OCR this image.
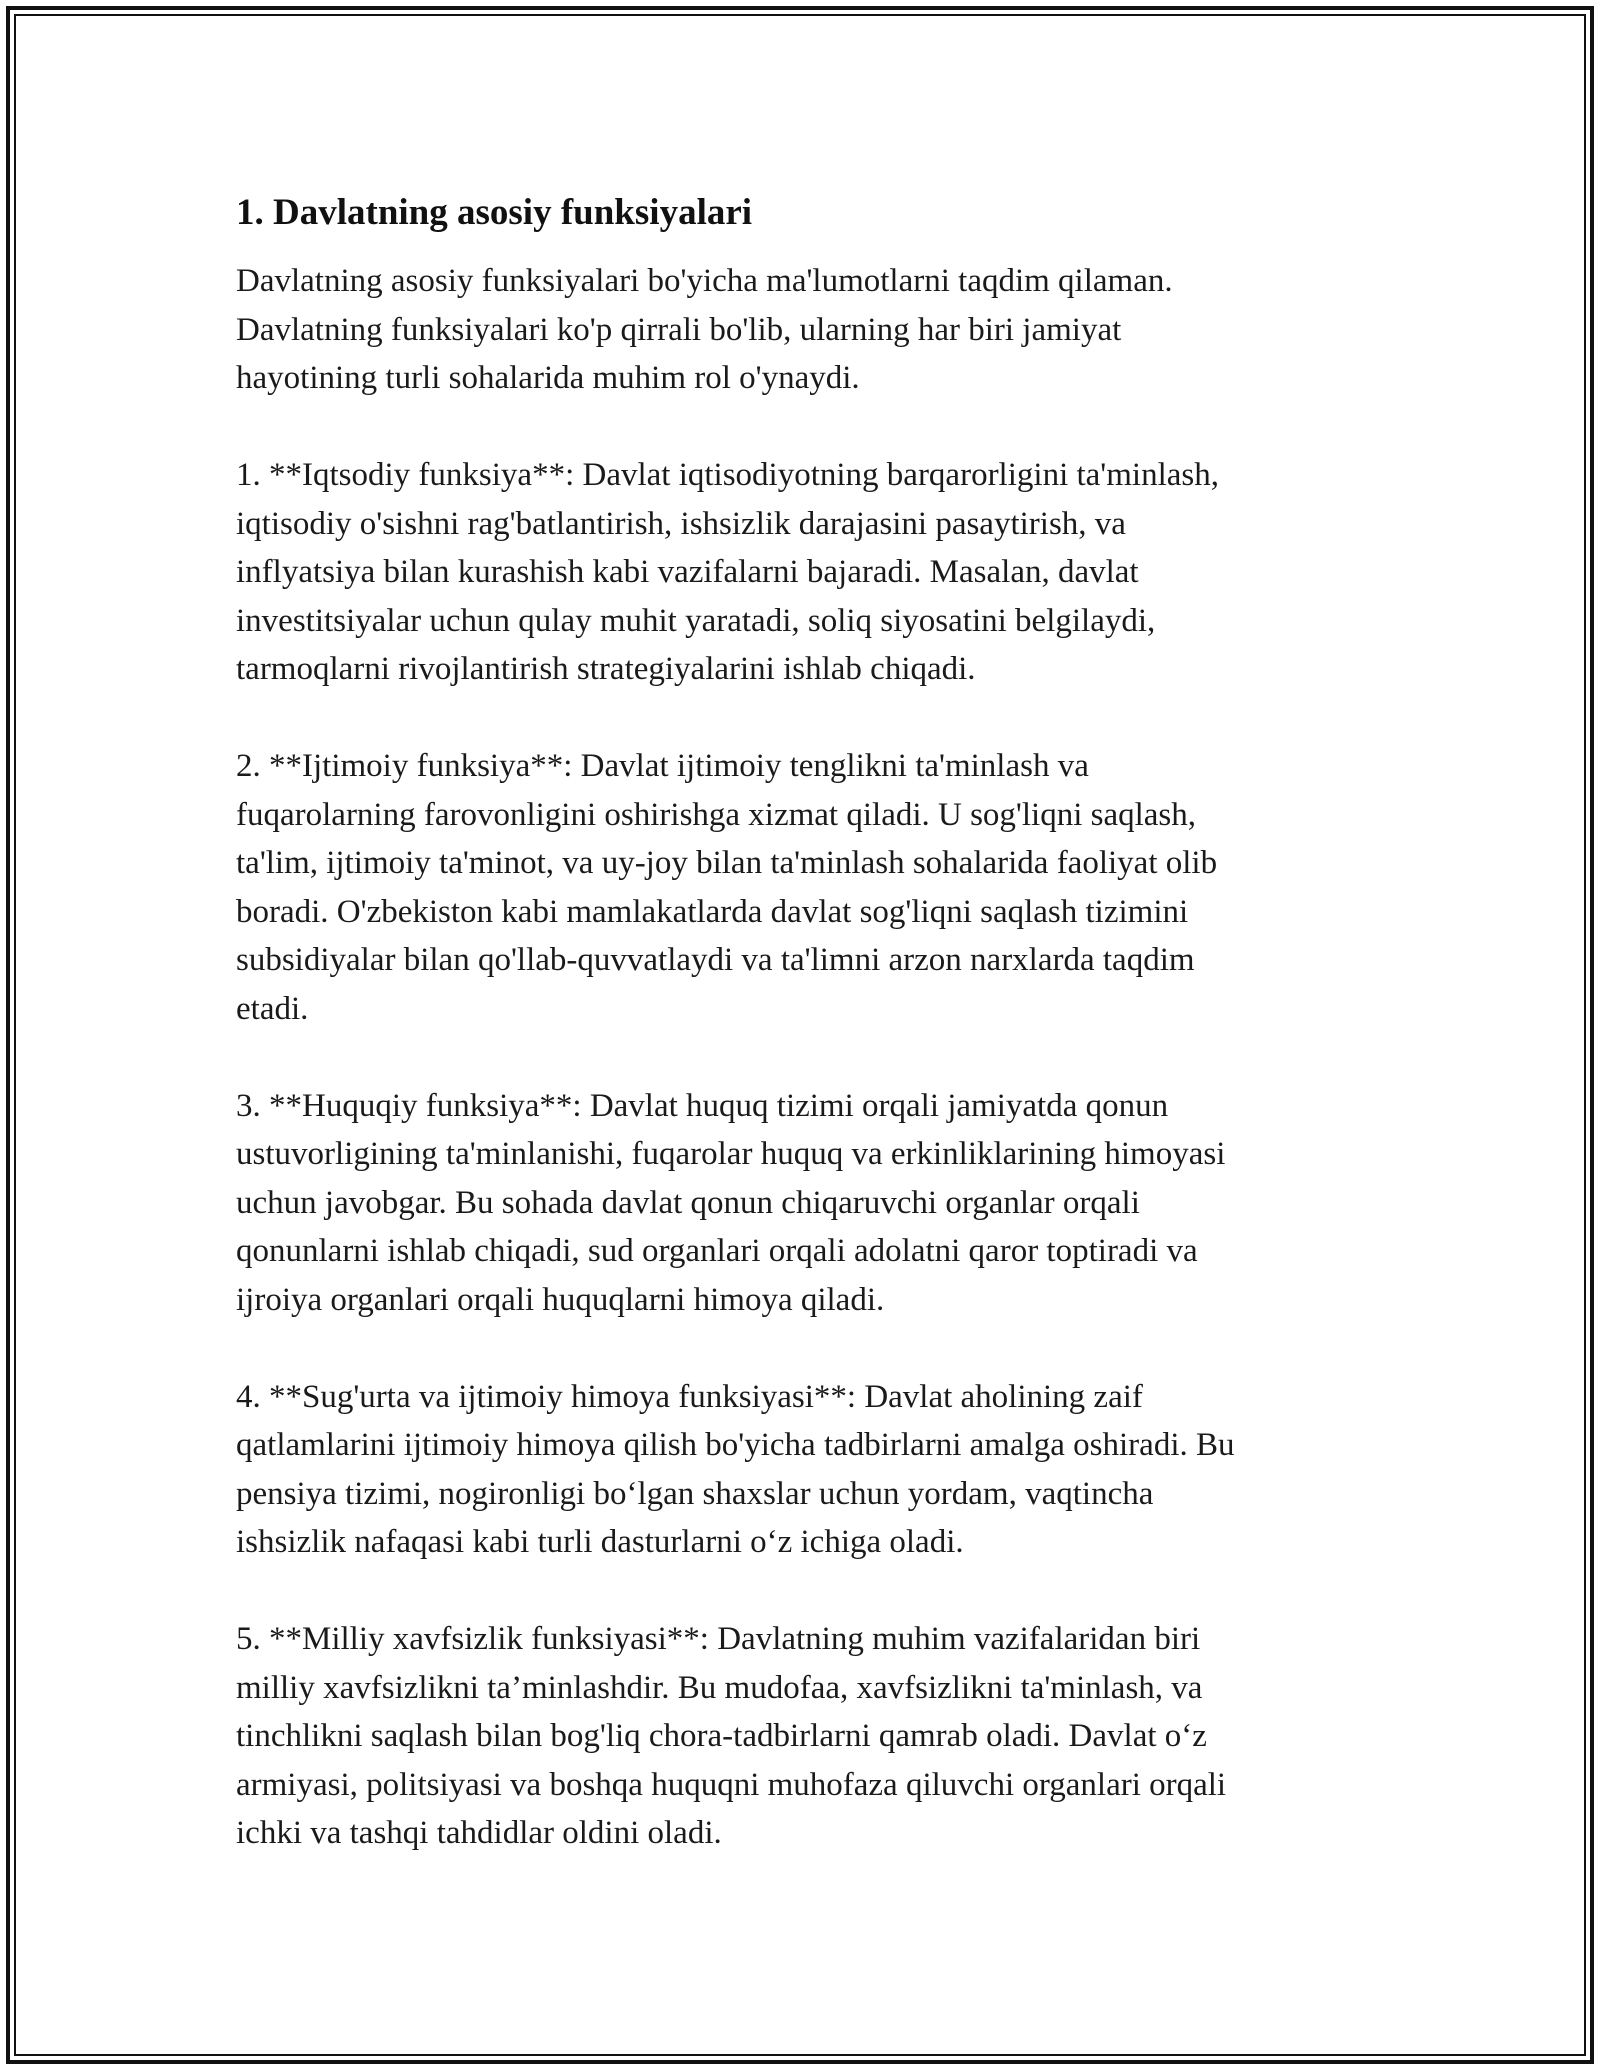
1. Davlatning asosiy funksiyalari

Davlatning asosiy funksiyalari bo'yicha ma'lumotlarni taqdim qilaman.
Davlatning funksiyalari ko'p qirrali bo'lib, ularning har biri jamiyat
hayotining turli sohalarida muhim rol o'ynaydi.

1. **Iqtsodiy funksiya**: Davlat iqtisodiyotning barqarorligini ta'minlash,
iqtisodiy o'sishni rag'batlantirish, ishsizlik darajasini pasaytirish, va
inflyatsiya bilan kurashish kabi vazifalarni bajaradi. Masalan, davlat
investitsiyalar uchun qulay muhit yaratadi, soliq siyosatini belgilaydi,
tarmoqlarni rivojlantirish strategiyalarini ishlab chiqadi.

2. **Ijtimoiy funksiya**: Davlat ijtimoiy tenglikni ta'minlash va
fuqarolarning farovonligini oshirishga xizmat qiladi. U sog'liqni saqlash,
ta'lim, ijtimoiy ta'minot, va uy-joy bilan ta'minlash sohalarida faoliyat olib
boradi. O'zbekiston kabi mamlakatlarda davlat sog'liqni saqlash tizimini
subsidiyalar bilan qo'llab-quvvatlaydi va ta'limni arzon narxlarda taqdim
etadi.

3. **Huquqiy funksiya**: Davlat huquq tizimi orqali jamiyatda qonun
ustuvorligining ta'minlanishi, fuqarolar huquq va erkinliklarining himoyasi
uchun javobgar. Bu sohada davlat qonun chiqaruvchi organlar orqali
qonunlarni ishlab chiqadi, sud organlari orqali adolatni qaror toptiradi va
ijroiya organlari orqali huquqlarni himoya qiladi.

4. **Sug'urta va ijtimoiy himoya funksiyasi**: Davlat aholining zaif
qatlamlarini ijtimoiy himoya qilish bo'yicha tadbirlarni amalga oshiradi. Bu
pensiya tizimi, nogironligi bo‘lgan shaxslar uchun yordam, vaqtincha
ishsizlik nafaqasi kabi turli dasturlarni o‘z ichiga oladi.

5. **Milliy xavfsizlik funksiyasi**: Davlatning muhim vazifalaridan biri
milliy xavfsizlikni ta’minlashdir. Bu mudofaa, xavfsizlikni ta'minlash, va
tinchlikni saqlash bilan bog'liq chora-tadbirlarni qamrab oladi. Davlat o‘z
armiyasi, politsiyasi va boshqa huquqni muhofaza qiluvchi organlari orqali
ichki va tashqi tahdidlar oldini oladi.
